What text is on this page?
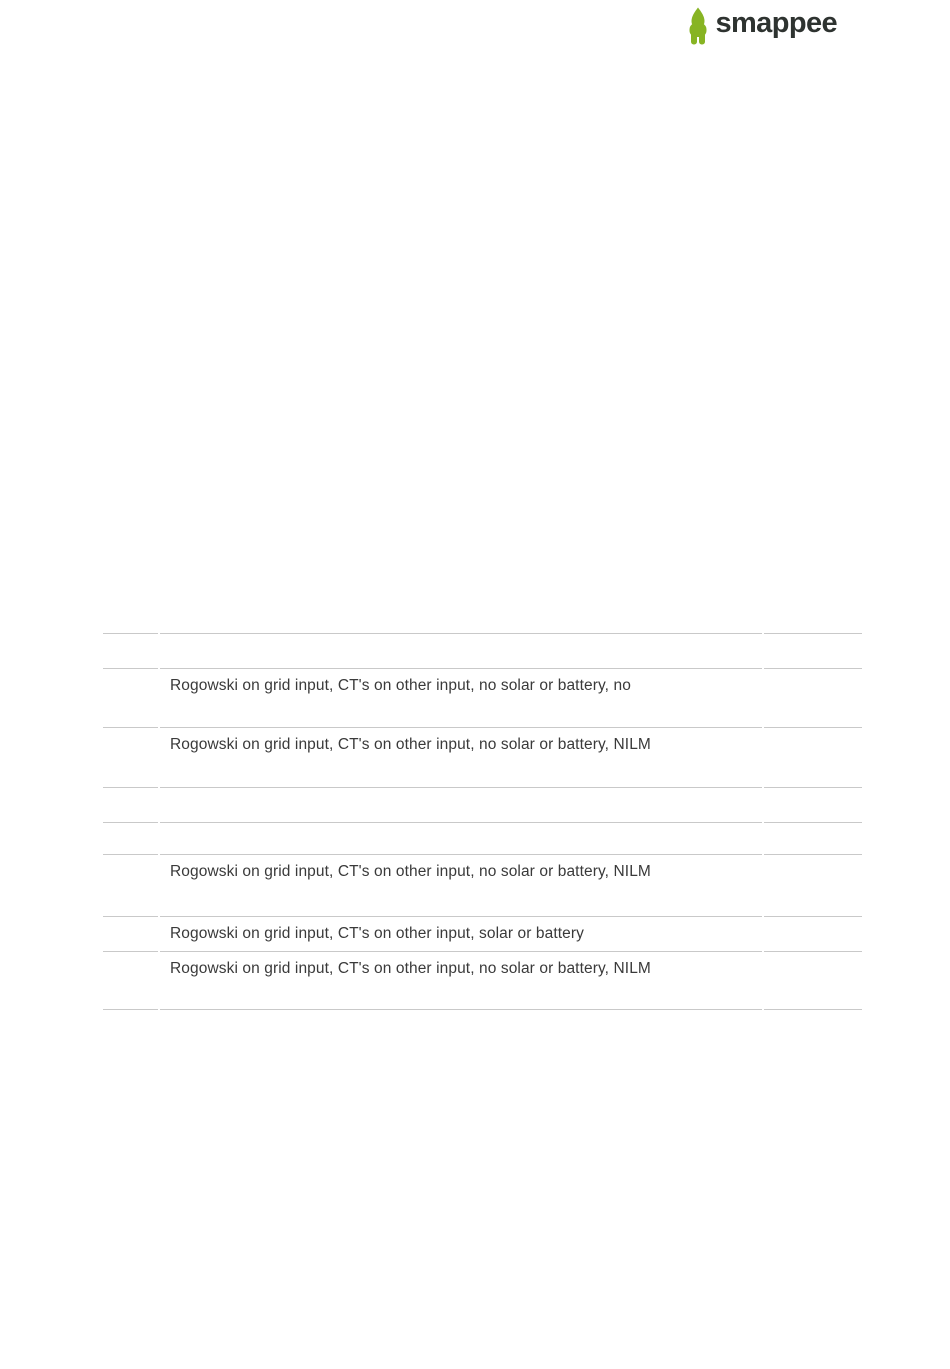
smappee
Rogowski on grid input, CT's on other input, no solar or battery, no
Rogowski on grid input, CT's on other input, no solar or battery, NILM
Rogowski on grid input, CT's on other input, no solar or battery, NILM
Rogowski on grid input, CT's on other input, solar or battery
Rogowski on grid input, CT's on other input, no solar or battery, NILM
